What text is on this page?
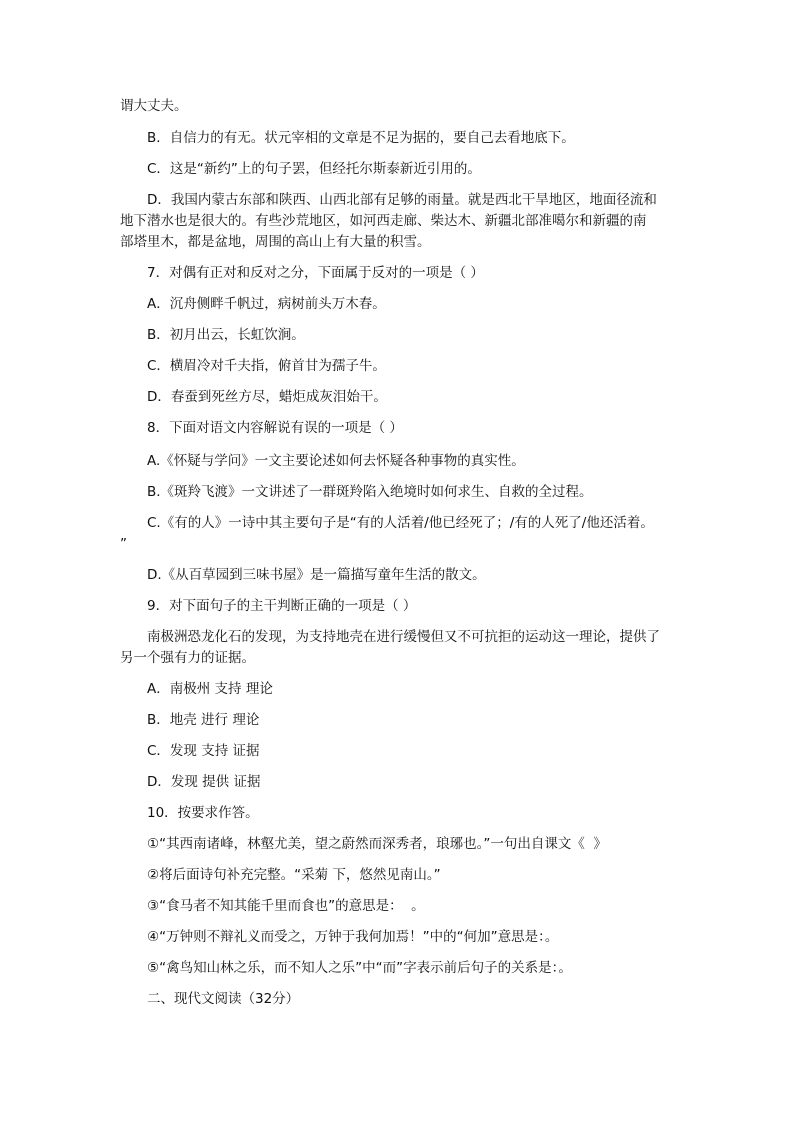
谓大丈夫。

　　B．自信力的有无。状元宰相的文章是不足为据的，要自己去看地底下。

　　C．这是“新约”上的句子罢，但经托尔斯泰新近引用的。

　　D．我国内蒙古东部和陕西、山西北部有足够的雨量。就是西北干旱地区，地面径流和

地下潜水也是很大的。有些沙荒地区，如河西走廊、柴达木、新疆北部准噶尔和新疆的南

部塔里木，都是盆地，周围的高山上有大量的积雪。

　　7．对偶有正对和反对之分，下面属于反对的一项是（ ）

　　A．沉舟侧畔千帆过，病树前头万木春。

　　B．初月出云，长虹饮涧。

　　C．横眉冷对千夫指，俯首甘为孺子牛。

　　D．春蚕到死丝方尽，蜡炬成灰泪始干。

　　8．下面对语文内容解说有误的一项是（ ）

　　A.《怀疑与学问》一文主要论述如何去怀疑各种事物的真实性。

　　B.《斑羚飞渡》一文讲述了一群斑羚陷入绝境时如何求生、自救的全过程。

　　C.《有的人》一诗中其主要句子是“有的人活着/他已经死了；/有的人死了/他还活着。

”

　　D.《从百草园到三味书屋》是一篇描写童年生活的散文。

　　9．对下面句子的主干判断正确的一项是（ ）

　　南极洲恐龙化石的发现，为支持地壳在进行缓慢但又不可抗拒的运动这一理论，提供了

另一个强有力的证据。

　　A．南极州 支持 理论

　　B．地壳 进行 理论

　　C．发现 支持 证据

　　D．发现 提供 证据

　　10．按要求作答。

　　①“其西南诸峰，林壑尤美，望之蔚然而深秀者，琅琊也。”一句出自课文《  》

　　②将后面诗句补充完整。“采菊 下，悠然见南山。”

　　③“食马者不知其能千里而食也”的意思是：  。

　　④“万钟则不辩礼义而受之，万钟于我何加焉！”中的“何加”意思是：。

　　⑤“禽鸟知山林之乐，而不知人之乐”中“而”字表示前后句子的关系是：。

　　二、现代文阅读（32分）
